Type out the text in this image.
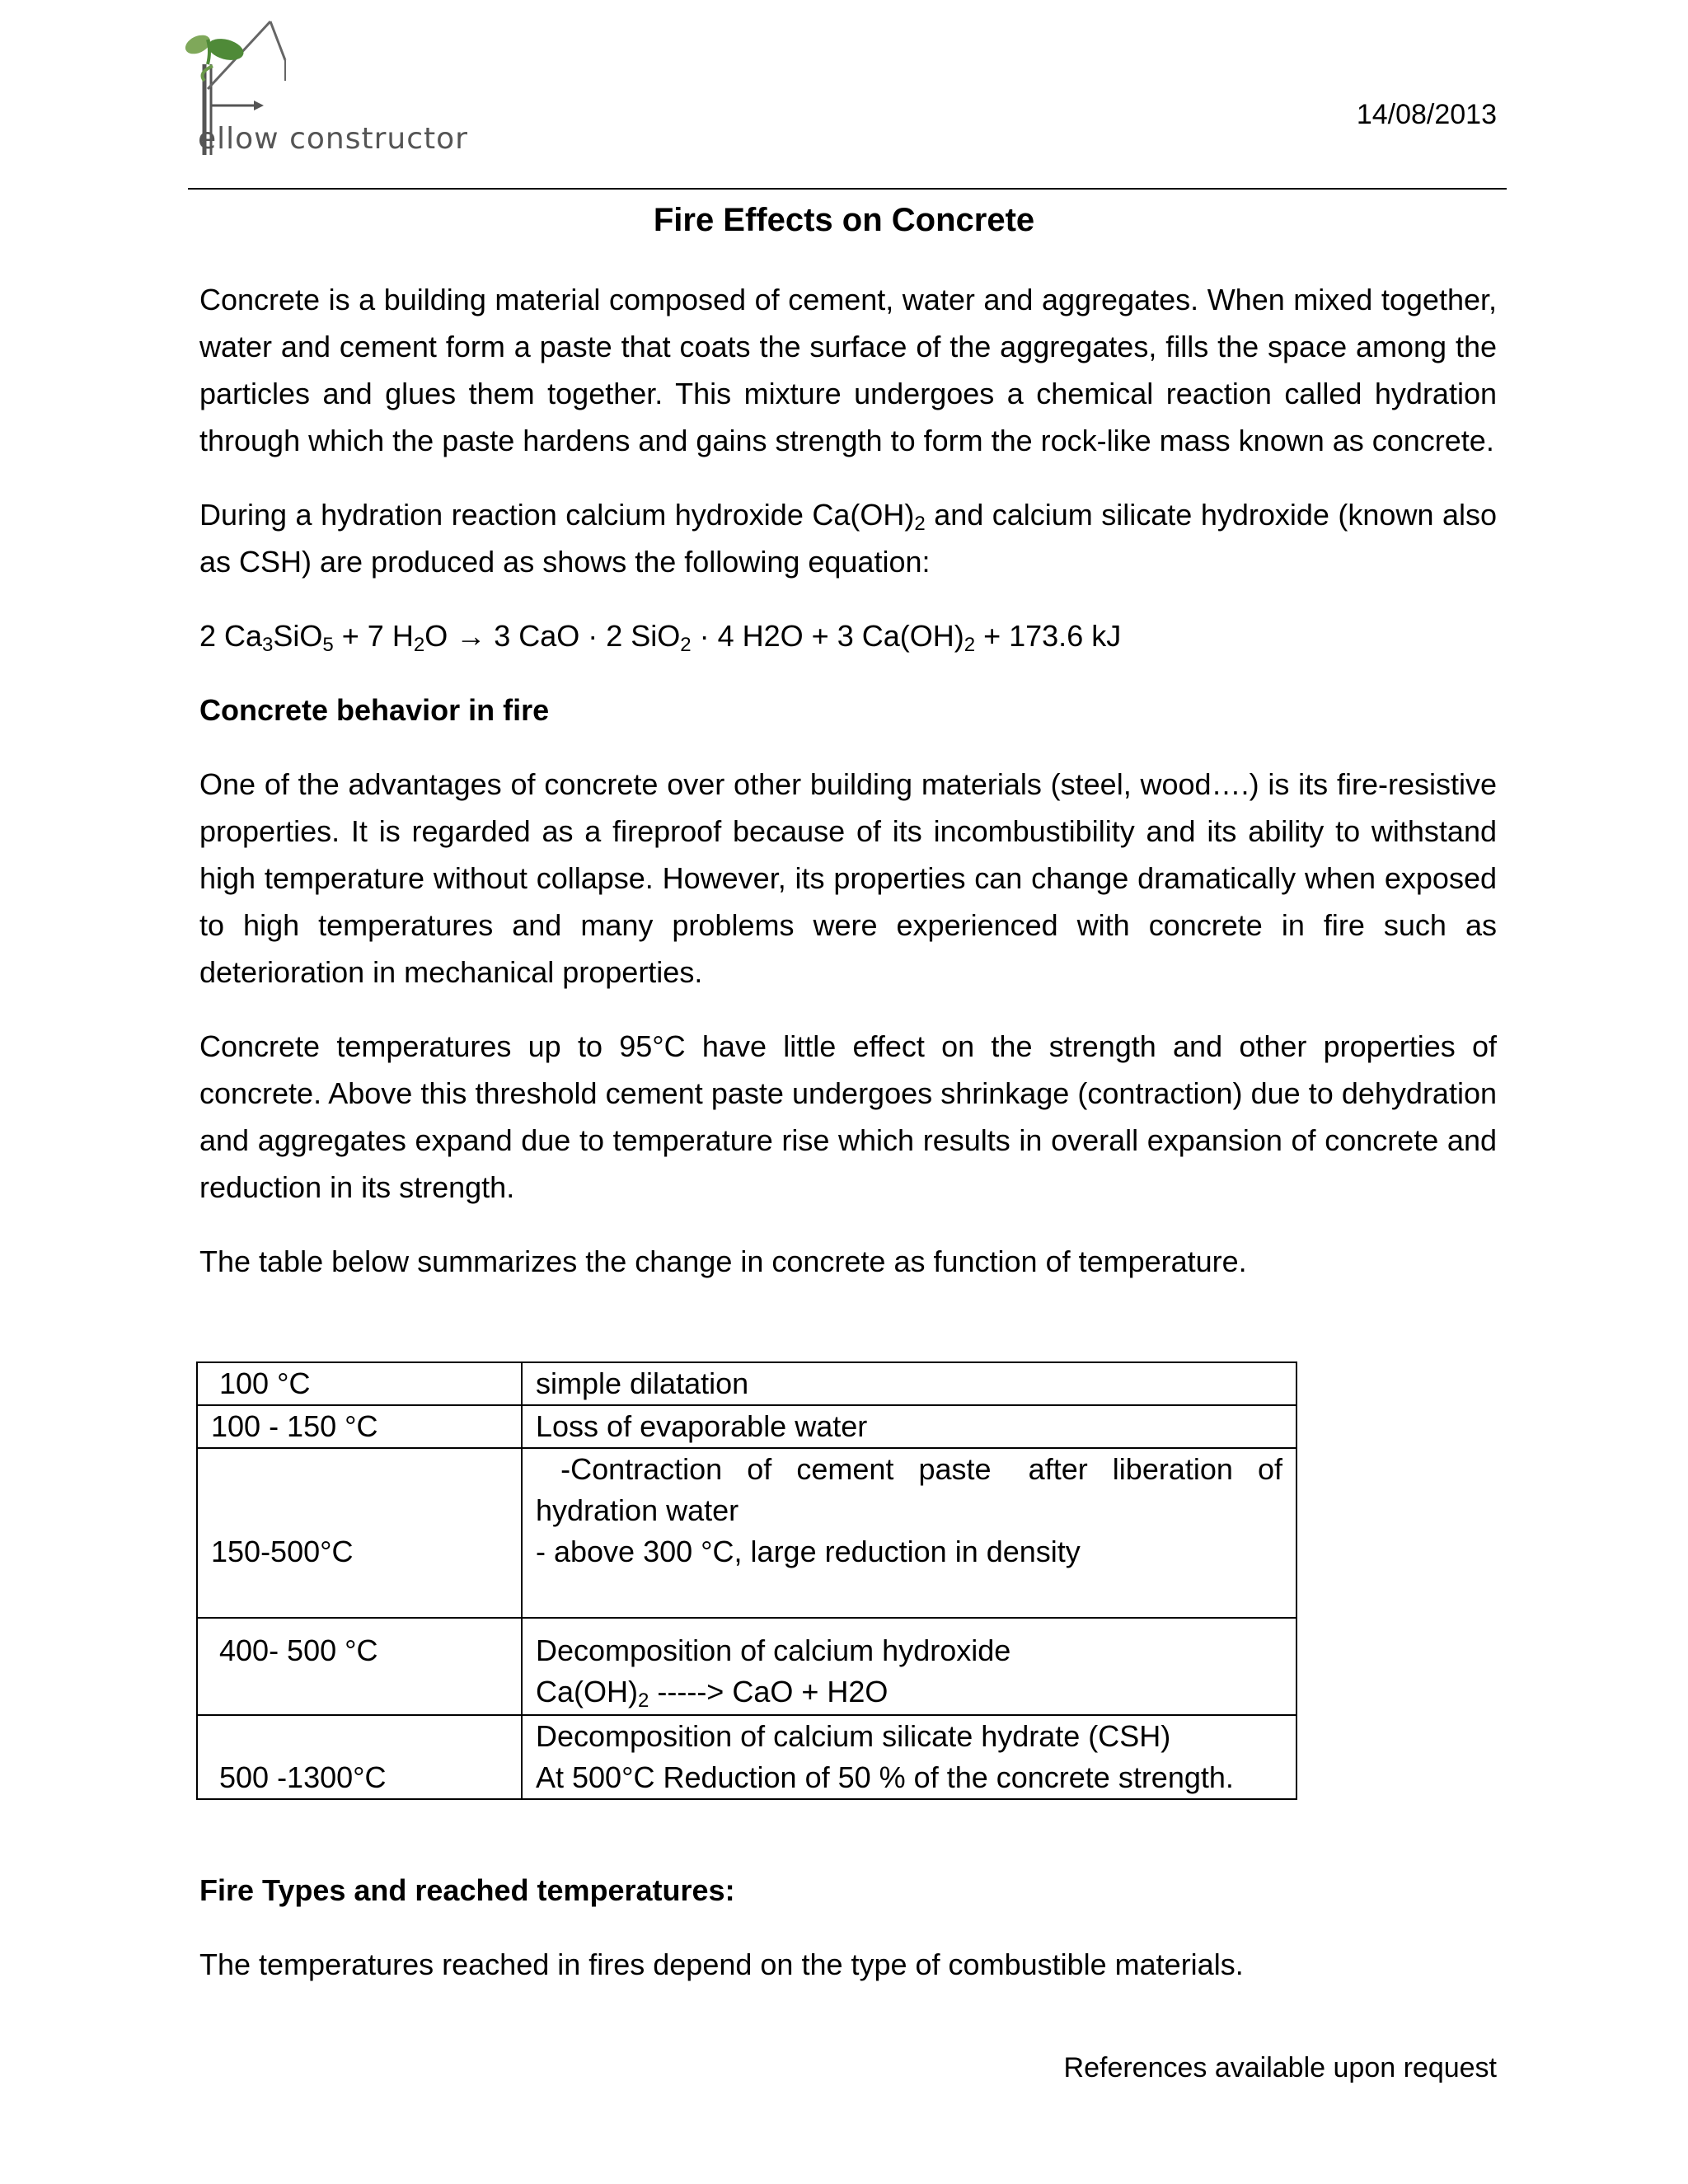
ellow constructor
14/08/2013
Fire Effects on Concrete

Concrete is a building material composed of cement, water and aggregates. When mixed together, water and cement form a paste that coats the surface of the aggregates, fills the space among the particles and glues them together. This mixture undergoes a chemical reaction called hydration through which the paste hardens and gains strength to form the rock-like mass known as concrete.

During a hydration reaction calcium hydroxide $Ca(OH)_2$ and calcium silicate hydroxide (known also as CSH) are produced as shows the following equation:

2 $Ca_3SiO_5 + 7$ $H_2O \to 3$ CaO · 2 SiO$_2$ · 4 H2O + 3 $Ca(OH)_2 + 173.6$ kJ

Concrete behavior in fire

One of the advantages of concrete over other building materials (steel, wood….) is its fire-resistive properties. It is regarded as a fireproof because of its incombustibility and its ability to withstand high temperature without collapse. However, its properties can change dramatically when exposed to high temperatures and many problems were experienced with concrete in fire such as deterioration in mechanical properties.

Concrete temperatures up to 95°C have little effect on the strength and other properties of concrete. Above this threshold cement paste undergoes shrinkage (contraction) due to dehydration and aggregates expand due to temperature rise which results in overall expansion of concrete and reduction in its strength.

The table below summarizes the change in concrete as function of temperature.

100 °C	simple dilatation
100 - 150 °C	Loss of evaporable water

150-500°C	-Contraction  of  cement  paste   after  liberation  of hydration water
- above 300 °C, large reduction in density

400- 500 °C	Decomposition of calcium hydroxide
$Ca(OH)_2$ -----> CaO + H2O

500 -1300°C	Decomposition of calcium silicate hydrate (CSH)
At 500°C Reduction of 50 % of the concrete strength.

Fire Types and reached temperatures:

The temperatures reached in fires depend on the type of combustible materials.

References available upon request
